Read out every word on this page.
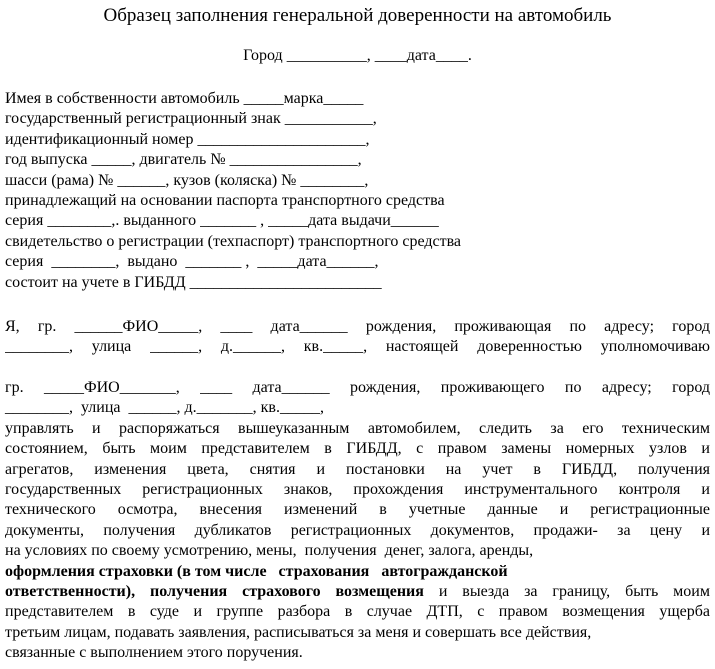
Образец заполнения генеральной доверенности на автомобиль
Город __________, ____дата____.
Имея в собственности автомобиль _____марка_____
государственный регистрационный знак ___________,
идентификационный номер _____________________,
год выпуска _____, двигатель № ________________,
шасси (рама) № ______, кузов (коляска) № ________,
принадлежащий на основании паспорта транспортного средства
серия ________,. выданного _______ , _____дата выдачи______
свидетельство о регистрации (техпаспорт) транспортного средства
серия  ________,  выдано  _______ ,  _____дата______,
состоит на учете в ГИБДД ________________________
Я, гр. ______ФИО_____, ____ дата______ рождения, проживающая по адресу; город
________, улица ______, д.______, кв._____, настоящей доверенностью уполномочиваю
гр. _____ФИО_______, ____ дата______ рождения, проживающего по адресу; город
________,  улица  ______, д._______, кв._____,
управлять и распоряжаться вышеуказанным автомобилем, следить за его техническим
состоянием, быть моим представителем в ГИБДД, с правом замены номерных узлов и
агрегатов, изменения цвета, снятия и постановки на учет в ГИБДД, получения
государственных регистрационных знаков, прохождения инструментального контроля и
технического осмотра, внесения изменений в учетные данные и регистрационные
документы, получения дубликатов регистрационных документов, продажи- за цену и
на условиях по своему усмотрению, мены,  получения  денег, залога, аренды,
оформления страховки (в том числе   страхования   автогражданской
ответственности), получения страхового возмещения и выезда за границу, быть моим
представителем в суде и группе разбора в случае ДТП, с правом возмещения ущерба
третьим лицам, подавать заявления, расписываться за меня и совершать все действия,
связанные с выполнением этого поручения.
